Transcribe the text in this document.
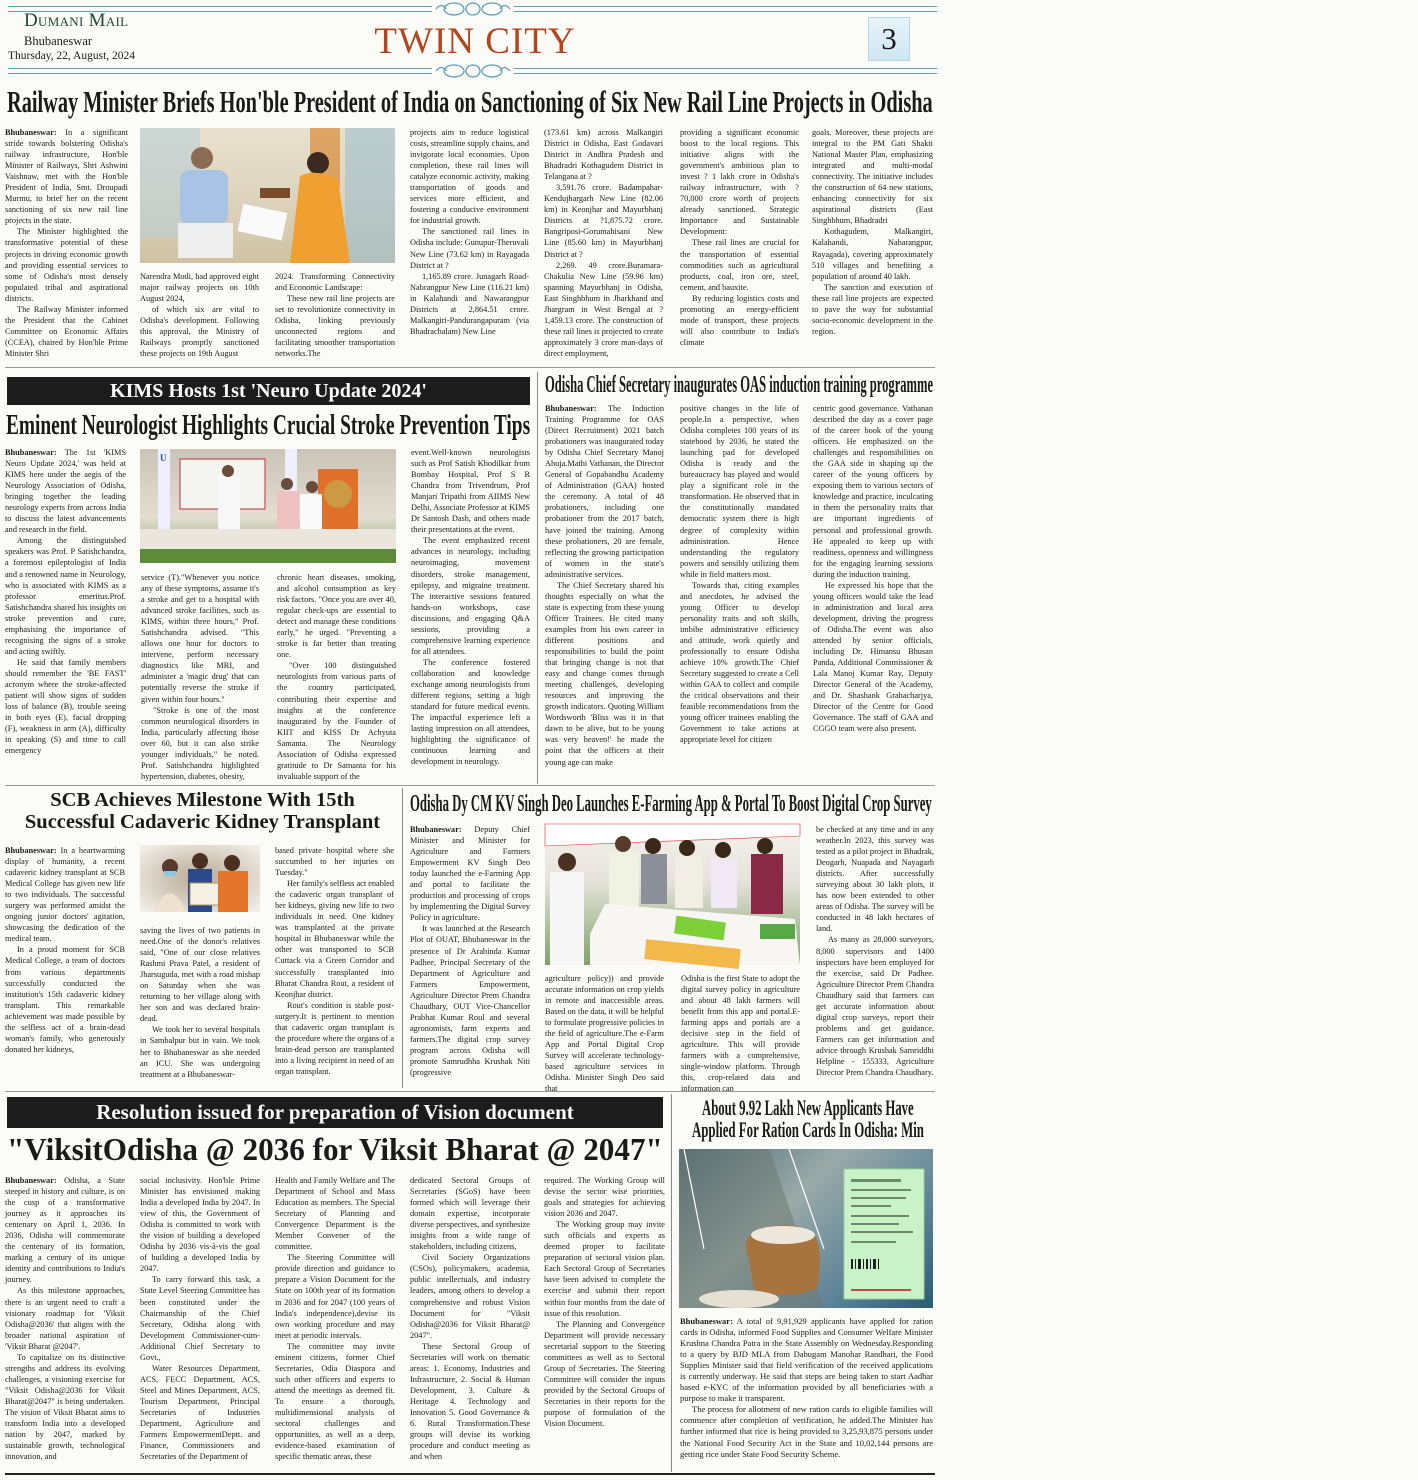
Dumani Mail
Bhubaneswar
Thursday, 22, August, 2024	TWIN CITY	3
Railway Minister Briefs Hon'ble President of India on Sanctioning of Six New Rail Line Projects in Odisha

Bhubaneswar: In a significant stride towards bolstering Odisha's railway infrastructure, Hon'ble Minister of Railways, Shri Ashwini Vaishnaw, met with the Hon'ble President of India, Smt. Droupadi Murmu, to brief her on the recent sanctioning of six new rail line projects in the state.

The Minister highlighted the transformative potential of these projects in driving economic growth and providing essential services to some of Odisha's most densely populated tribal and aspirational districts.

The Railway Minister informed the President that the Cabinet Committee on Economic Affairs (CCEA), chaired by Hon'ble Prime Minister Shri

Narendra Modi, had approved eight major railway projects on 10th August 2024,

of which six are vital to Odisha's development. Following this approval, the Ministry of Railways promptly sanctioned these projects on 19th August

2024. Transforming Connectivity and Economic Landscape:

These new rail line projects are set to revolutionize connectivity in Odisha, linking previously unconnected regions and facilitating smoother transportation networks.The

projects aim to reduce logistical costs, streamline supply chains, and invigorate local economies. Upon completion, these rail lines will catalyze economic activity, making transportation of goods and services more efficient, and fostering a conducive environment for industrial growth.

The sanctioned rail lines in Odisha include: Gunupur-Theruvali New Line (73.62 km) in Rayagada District at ?

1,165.89 crore. Junagarh Road-Nabrangpur New Line (116.21 km) in Kalahandi and Nawarangpur Districts at 2,864.51 crore. Malkangiri-Pandurangapuram (via Bhadrachalam) New Line

(173.61 km) across Malkangiri District in Odisha, East Godavari District in Andhra Pradesh and Bhadradri Kothagudem District in Telangana at ?

3,591.76 crore. Badampahar-Kendujhargarh New Line (82.06 km) in Keonjhar and Mayurbhanj Districts at ?1,875.72 crore. Bangriposi-Gorumahisani New Line (85.60 km) in Mayurbhanj District at ?

2,269. 49 crore.Buramara-Chakulia New Line (59.96 km) spanning Mayurbhanj in Odisha, East Singhbhum in Jharkhand and Jhargram in West Bengal at ? 1,459.13 crore. The construction of these rail lines is projected to create approximately 3 crore man-days of direct employment,

providing a significant economic boost to the local regions. This initiative aligns with the government's ambitious plan to invest ? 1 lakh crore in Odisha's railway infrastructure, with ? 70,000 crore worth of projects already sanctioned. Strategic Importance and Sustainable Development:

These rail lines are crucial for the transportation of essential commodities such as agricultural products, coal, iron ore, steel, cement, and bauxite.

By reducing logistics costs and promoting an energy-efficient mode of transport, these projects will also contribute to India's climate

goals. Moreover, these projects are integral to the PM Gati Shakti National Master Plan, emphasizing integrated and multi-modal connectivity. The initiative includes the construction of 64 new stations, enhancing connectivity for six aspirational districts (East Singhbhum, Bhadradri

Kothagudem, Malkangiri, Kalahandi, Nabarangpur, Rayagada), covering approximately 510 villages and benefiting a population of around 40 lakh.

The sanction and execution of these rail line projects are expected to pave the way for substantial socio-economic development in the region.

KIMS Hosts 1st 'Neuro Update 2024'
Eminent Neurologist Highlights Crucial Stroke Prevention Tips

Bhubaneswar: The 1st 'KIMS Neuro Update 2024,' was held at KIMS here under the aegis of the Neurology Association of Odisha, bringing together the leading neurology experts from across India to discuss the latest advancements and research in the field.

Among the distinguished speakers was Prof. P Satishchandra, a foremost epileptologist of India and a renowned name in Neurology, who is associated with KIMS as a professor emeritus.Prof. Satishchandra shared his insights on stroke prevention and cure, emphasising the importance of recognising the signs of a stroke and acting swiftly.

He said that family members should remember the 'BE FAST' acronym where the stroke-affected patient will show signs of sudden loss of balance (B), trouble seeing in both eyes (E), facial dropping (F), weakness in arm (A), difficulty in speaking (S) and time to call emergency

U

service (T)."Whenever you notice any of these symptoms, assume it's a stroke and get to a hospital with advanced stroke facilities, such as KIMS, within three hours," Prof. Satishchandra advised. "This allows one hour for doctors to intervene, perform necessary diagnostics like MRI, and administer a 'magic drug' that can potentially reverse the stroke if given within four hours."

"Stroke is one of the most common neurological disorders in India, particularly affecting those over 60, but it can also strike younger individuals," he noted. Prof. Satishchandra highlighted hypertension, diabetes, obesity,

chronic heart diseases, smoking, and alcohol consumption as key risk factors. "Once you are over 40, regular check-ups are essential to detect and manage these conditions early," he urged. "Preventing a stroke is far better than treating one.

"Over 100 distinguished neurologists from various parts of the country participated, contributing their expertise and insights at the conference inaugurated by the Founder of KIIT and KISS Dr Achyuta Samanta. The Neurology Association of Odisha expressed gratitude to Dr Samanta for his invaluable support of the

event.Well-known neurologists such as Prof Satish Khodilkar from Bombay Hospital, Prof S R Chandra from Trivendrum, Prof Manjari Tripathi from AIIMS New Delhi, Associate Professor at KIMS Dr Santosh Dash, and others made their presentations at the event.

The event emphasized recent advances in neurology, including neuroimaging, movement disorders, stroke management, epilepsy, and migraine treatment. The interactive sessions featured hands-on workshops, case discussions, and engaging Q&A sessions, providing a comprehensive learning experience for all attendees.

The conference fostered collaboration and knowledge exchange among neurologists from different regions, setting a high standard for future medical events. The impactful experience left a lasting impression on all attendees, highlighting the significance of continuous learning and development in neurology.

Odisha Chief Secretary inaugurates OAS induction training programme

Bhubaneswar: The Induction Training Programme for OAS (Direct Recruitment) 2021 batch probationers was inaugurated today by Odisha Chief Secretary Manoj Ahuja.Mathi Vathanan, the Director General of Gopabandhu Academy of Administration (GAA) hosted the ceremony. A total of 48 probationers, including one probationer from the 2017 batch, have joined the training. Among these probationers, 20 are female, reflecting the growing participation of women in the state's administrative services.

The Chief Secretary shared his thoughts especially on what the state is expecting from these young Officer Trainees. He cited many examples from his own career in different positions and responsibilities to build the point that bringing change is not that easy and change comes through meeting challenges, developing resources and improving the growth indicators. Quoting William Wordsworth 'Bliss was it in that dawn to be alive, but to be young was very heaven!' he made the point that the officers at their young age can make

positive changes in the life of people.In a perspective, when Odisha completes 100 years of its statehood by 2036, he stated the launching pad for developed Odisha is ready and the bureaucracy has played and would play a significant role in the transformation. He observed that in the constitutionally mandated democratic system there is high degree of complexity within administration. Hence understanding the regulatory powers and sensibly utilizing them while in field matters most.

Towards that, citing examples and anecdotes, he advised the young Officer to develop personality traits and soft skills, imbibe administrative efficiency and attitude, work quietly and professionally to ensure Odisha achieve 10% growth.The Chief Secretary suggested to create a Cell within GAA to collect and compile the critical observations and their feasible recommendations from the young officer trainees enabling the Government to take actions at appropriate level for citizen

centric good governance. Vathanan described the day as a cover page of the career book of the young officers. He emphasized on the challenges and responsibilities on the GAA side in shaping up the career of the young officers by exposing them to various sectors of knowledge and practice, inculcating in them the personality traits that are important ingredients of personal and professional growth. He appealed to keep up with readiness, openness and willingness for the engaging learning sessions during the induction training.

He expressed his hope that the young officers would take the lead in administration and local area development, driving the progress of Odisha.The event was also attended by senior officials, including Dr. Himansu Bhusan Panda, Additional Commissioner & Lala Manoj Kumar Ray, Deputy Director General of the Academy, and Dr. Shashank Grahacharjya, Director of the Centre for Good Governance. The staff of GAA and CGGO team were also present.

SCB Achieves Milestone With 15th
Successful Cadaveric Kidney Transplant

Bhubaneswar: In a heartwarming display of humanity, a recent cadaveric kidney transplant at SCB Medical College has given new life to two individuals. The successful surgery was performed amidst the ongoing junior doctors' agitation, showcasing the dedication of the medical team.

In a proud moment for SCB Medical College, a team of doctors from various departments successfully conducted the institution's 15th cadaveric kidney transplant. This remarkable achievement was made possible by the selfless act of a brain-dead woman's family, who generously donated her kidneys,

saving the lives of two patients in need.One of the donor's relatives said, "One of our close relatives Rashmi Prava Patel, a resident of Jharsuguda, met with a road mishap on Saturday when she was returning to her village along with her son and was declared brain-dead.

We took her to several hospitals in Sambalpur but in vain. We took her to Bhubaneswar as she needed an ICU. She was undergoing treatment at a Bhubaneswar-

based private hospital where she succumbed to her injuries on Tuesday."

Her family's selfless act enabled the cadaveric organ transplant of her kidneys, giving new life to two individuals in need. One kidney was transplanted at the private hospital in Bhubaneswar while the other was transported to SCB Cuttack via a Green Corridor and successfully transplanted into Bharat Chandra Rout, a resident of Keonjhar district.

Rout's condition is stable post-surgery.It is pertinent to mention that cadaveric organ transplant is the procedure where the organs of a brain-dead person are transplanted into a living recipient in need of an organ transplant.

Odisha Dy CM KV Singh Deo Launches E-Farming App & Portal To Boost Digital Crop Survey

Bhubaneswar: Deputy Chief Minister and Minister for Agriculture and Farmers Empowerment KV Singh Deo today launched the e-Farming App and portal to facilitate the production and processing of crops by implementing the Digital Survey Policy in agriculture.

It was launched at the Research Plot of OUAT, Bhubaneswar in the presence of Dr Arabinda Kumar Padhee, Principal Secretary of the Department of Agriculture and Farmers Empowerment, Agriculture Director Prem Chandra Chaudhary, OUT Vice-Chancellor Prabhat Kumar Roul and several agronomists, farm experts and farmers.The digital crop survey program across Odisha will promote Samrudhha Krushak Niti (progressive

agriculture policy)) and provide accurate information on crop yields in remote and inaccessible areas. Based on the data, it will be helpful to formulate progressive policies in the field of agriculture.The e-Farm App and Portal Digital Crop Survey will accelerate technology-based agriculture services in Odisha. Minister Singh Deo said that

Odisha is the first State to adopt the digital survey policy in agriculture and about 48 lakh farmers will benefit from this app and portal.E-farming apps and portals are a decisive step in the field of agriculture. This will provide farmers with a comprehensive, single-window platform. Through this, crop-related data and information can

be checked at any time and in any weather.In 2023, this survey was tested as a pilot project in Bhadrak, Deogarh, Nuapada and Nayagarh districts. After successfully surveying about 30 lakh plots, it has now been extended to other areas of Odisha. The survey will be conducted in 48 lakh hectares of land.

As many as 28,000 surveyors, 8,000 supervisors and 1400 inspectors have been employed for the exercise, said Dr Padhee. Agriculture Director Prem Chandra Chaudhary said that farmers can get accurate information about digital crop surveys, report their problems and get guidance. Farmers can get information and advice through Krushak Samriddhi Helpline - 155333, Agriculture Director Prem Chandra Chaudhary.

Resolution issued for preparation of Vision document
"ViksitOdisha @ 2036 for Viksit Bharat @ 2047"

Bhubaneswar: Odisha, a State steeped in history and culture, is on the cusp of a transformative journey as it approaches its centenary on April 1, 2036. In 2036, Odisha will commemorate the centenary of its formation, marking a century of its unique identity and contributions to India's journey.

As this milestone approaches, there is an urgent need to craft a visionary roadmap for 'Viksit Odisha@2036' that aligns with the broader national aspiration of 'Viksit Bharat @2047'.

To capitalize on its distinctive strengths and address its evolving challenges, a visioning exercise for "Viksit Odisha@2036 for Viksit Bharat@2047" is being undertaken. The vision of Viksit Bharat aims to transform India into a developed nation by 2047, marked by sustainable growth, technological innovation, and

social inclusivity. Hon'ble Prime Minister has envisioned making India a developed India by 2047. In view of this, the Government of Odisha is committed to work with the vision of building a developed Odisha by 2036 vis-à-vis the goal of building a developed India by 2047.

To carry forward this task, a State Level Steering Committee has been constituted under the Chairmanship of the Chief Secretary, Odisha along with Development Commissioner-cum-Additional Chief Secretary to Govt.,

Water Resources Department, ACS, FECC Department, ACS, Steel and Mines Department, ACS, Tourism Department, Principal Secretaries of Industries Department, Agriculture and Farmers EmpowermentDeptt. and Finance, Commissioners and Secretaries of the Department of

Health and Family Welfare and The Department of School and Mass Education as members. The Special Secretary of Planning and Convergence Department is the Member Convener of the committee.

The Steering Committee will provide direction and guidance to prepare a Vision Document for the State on 100th year of its formation in 2036 and for 2047 (100 years of India's independence),devise its own working procedure and may meet at periodic intervals.

The committee may invite eminent citizens, former Chief Secretaries, Odia Diaspora and such other officers and experts to attend the meetings as deemed fit. To ensure a thorough, multidimensional analysis of sectoral challenges and opportunities, as well as a deep, evidence-based examination of specific thematic areas, these

dedicated Sectoral Groups of Secretaries (SGoS) have been formed which will leverage their domain expertise, incorporate diverse perspectives, and synthesize insights from a wide range of stakeholders, including citizens,

Civil Society Organizations (CSOs), policymakers, academia, public intellectuals, and industry leaders, among others to develop a comprehensive and robust Vision Document for "Viksit Odisha@2036 for Viksit Bharat@ 2047".

These Sectoral Group of Secretaries will work on thematic areas: 1. Economy, Industries and Infrastructure, 2. Social & Human Development, 3. Culture & Heritage 4. Technology and Innovation 5. Good Governance & 6. Rural Transformation.These groups will devise its working procedure and conduct meeting as and when

required. The Working Group will devise the sector wise priorities, goals and strategies for achieving vision 2036 and 2047.

The Working group may invite such officials and experts as deemed proper to facilitate preparation of sectoral vision plan. Each Sectoral Group of Secretaries have been advised to complete the exercise and submit their report within four months from the date of issue of this resolution.

The Planning and Convergence Department will provide necessary secretarial support to the Steering committees as well as to Sectoral Group of Secretaries. The Steering Committee will consider the inputs provided by the Sectoral Groups of Secretaries in their reports for the purpose of formulation of the Vision Document.

About 9.92 Lakh New Applicants Have
Applied For Ration Cards In Odisha: Min

Bhubaneswar: A total of 9,91,929 applicants have applied for ration cards in Odisha, informed Food Supplies and Consumer Welfare Minister Krushna Chandra Patra in the State Assembly on Wednesday.Responding to a query by BJD MLA from Dabugam Manohar Randhari, the Food Supplies Minister said that field verification of the received applications is currently underway. He said that steps are being taken to start Aadhar based e-KYC of the information provided by all beneficiaries with a purpose to make it transparent.

The process for allotment of new ration cards to eligible families will commence after completion of verification, he added.The Minister has further informed that rice is being provided to 3,25,93,875 persons under the National Food Security Act in the State and 10,02,144 persons are getting rice under State Food Security Scheme.
